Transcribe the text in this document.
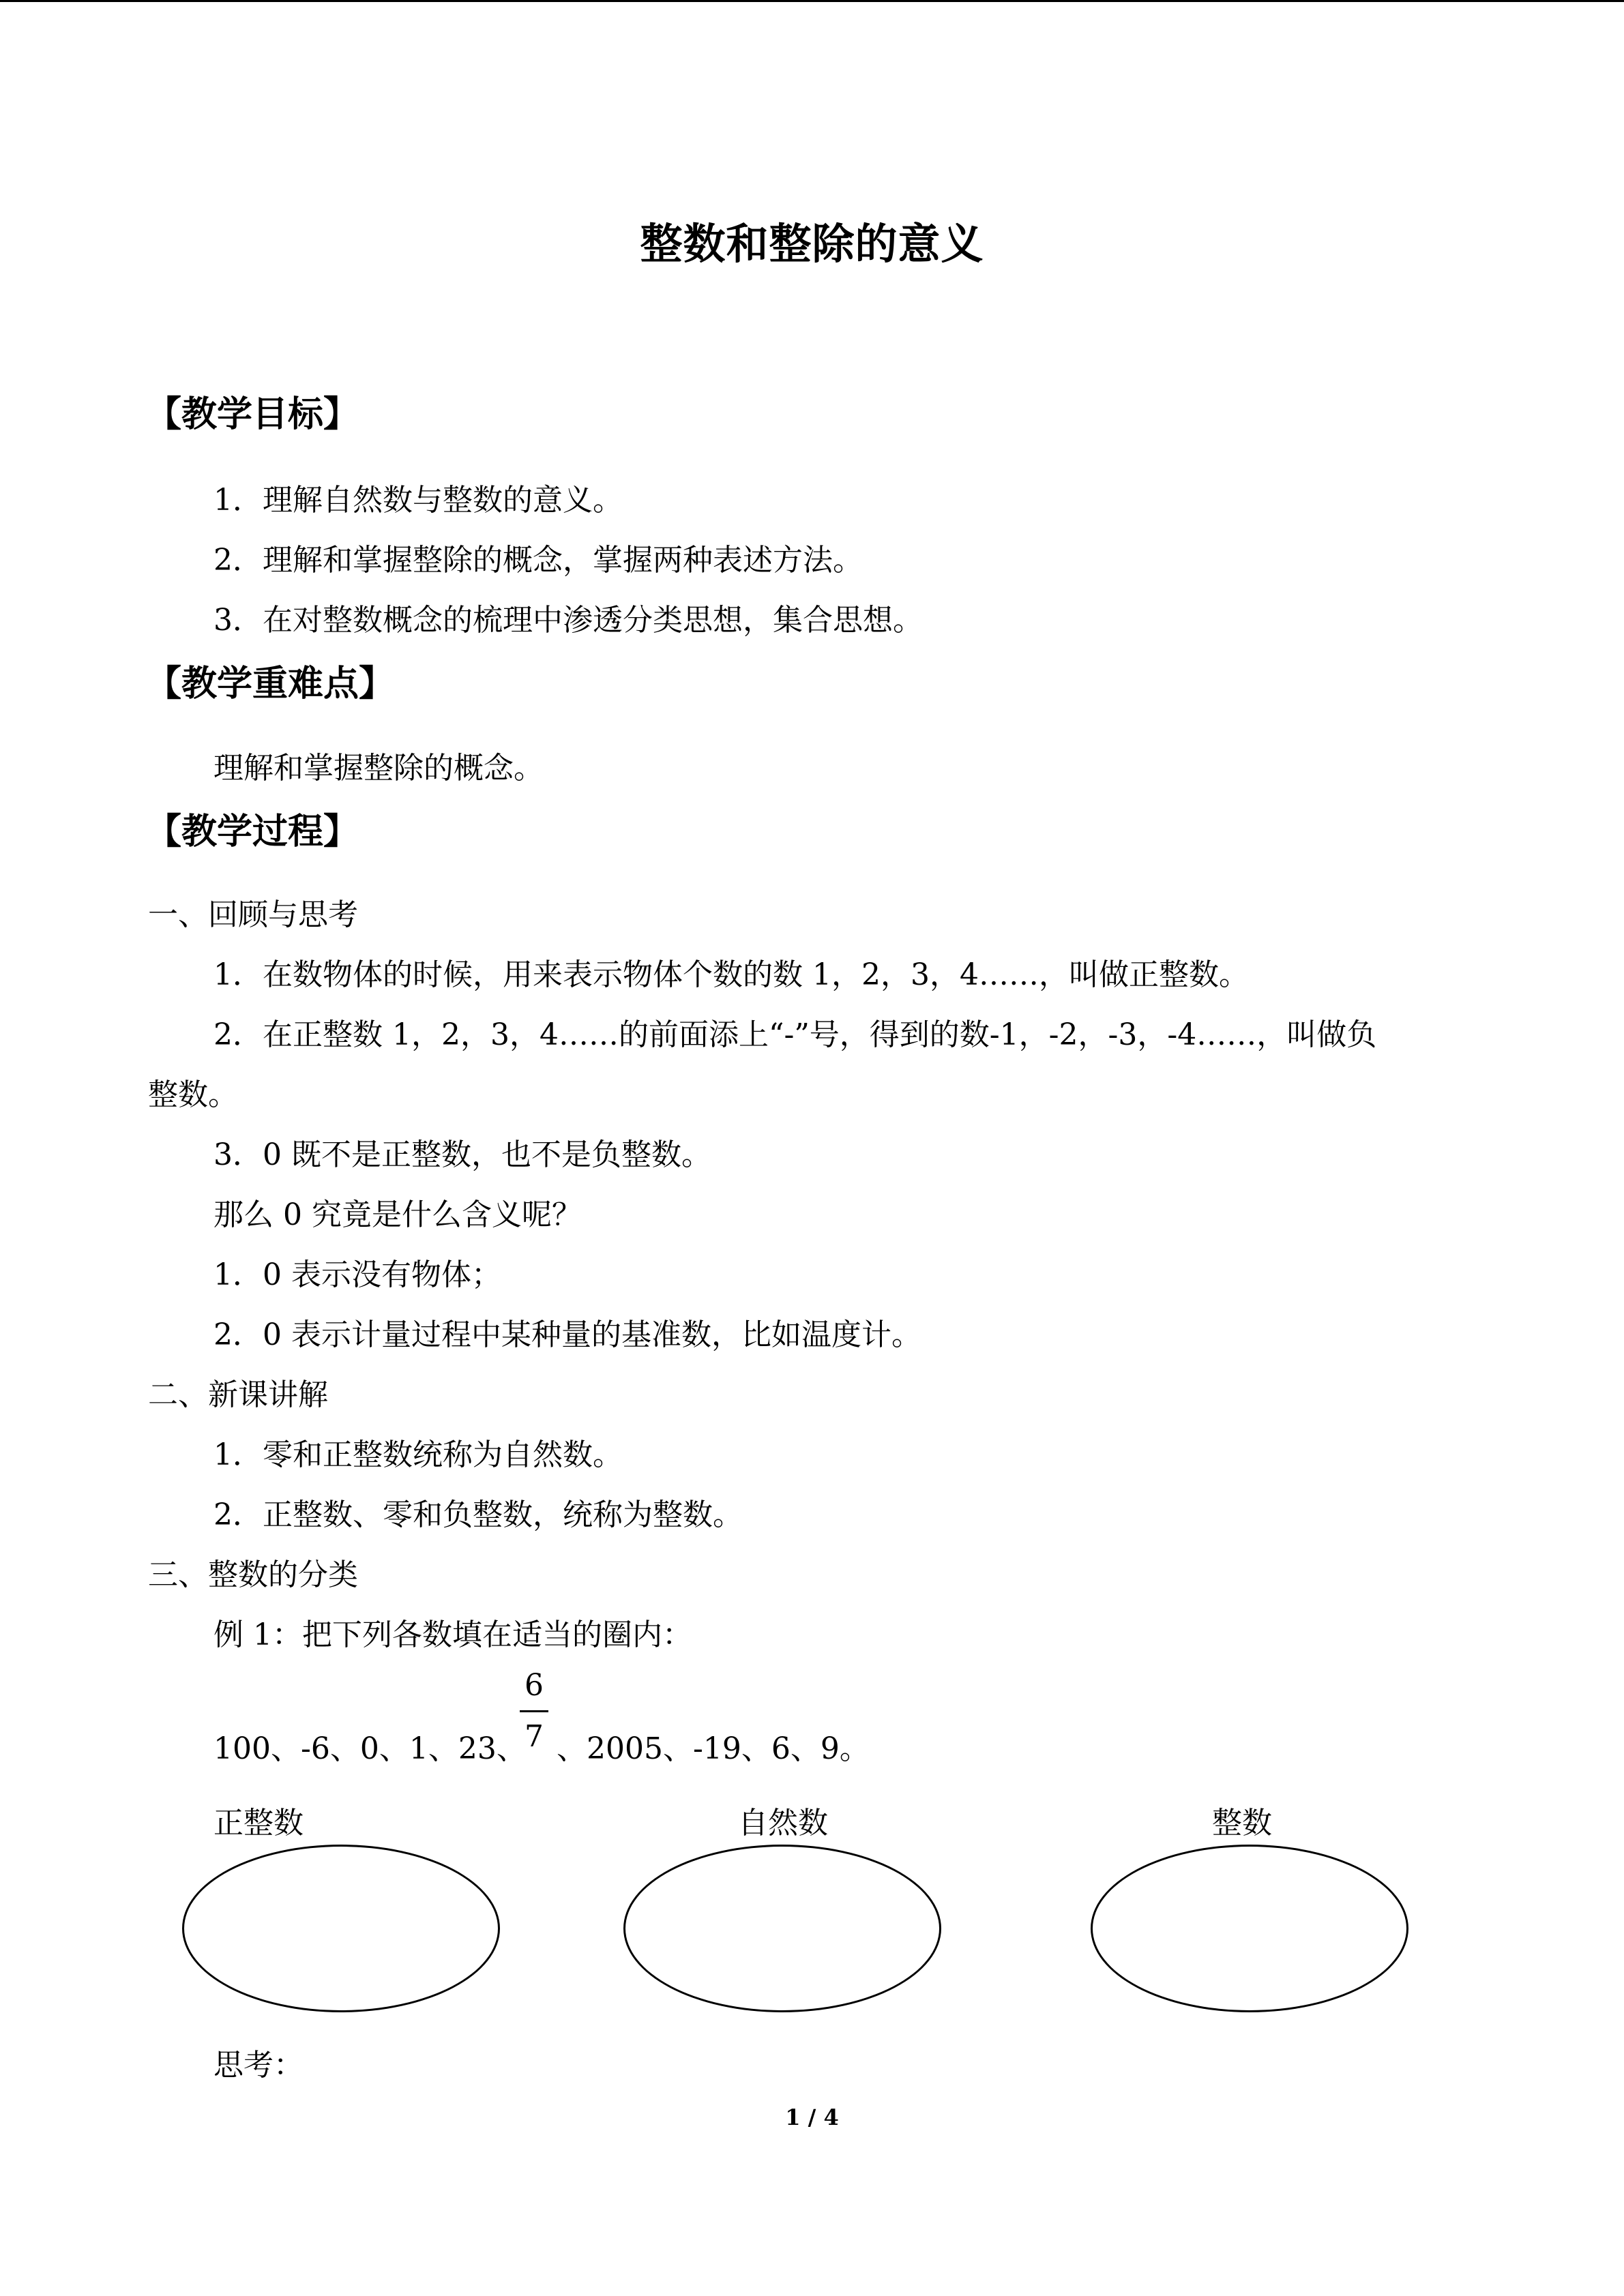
整数和整除的意义
【教学目标】
1．理解自然数与整数的意义。
2．理解和掌握整除的概念，掌握两种表述方法。
3．在对整数概念的梳理中渗透分类思想，集合思想。
【教学重难点】
理解和掌握整除的概念。
【教学过程】
一、回顾与思考
1．在数物体的时候，用来表示物体个数的数 1，2，3，4……，叫做正整数。
2．在正整数 1，2，3，4……的前面添上“-”号，得到的数-1，-2，-3，-4……，叫做负
整数。
3．0 既不是正整数，也不是负整数。
那么 0 究竟是什么含义呢？
1．0 表示没有物体；
2．0 表示计量过程中某种量的基准数，比如温度计。
二、新课讲解
1．零和正整数统称为自然数。
2．正整数、零和负整数，统称为整数。
三、整数的分类
例 1：把下列各数填在适当的圈内：
100、-6、0、1、23、
6
7 、2005、-19、6、9。
正整数	自然数	整数
思考：
1 / 4
